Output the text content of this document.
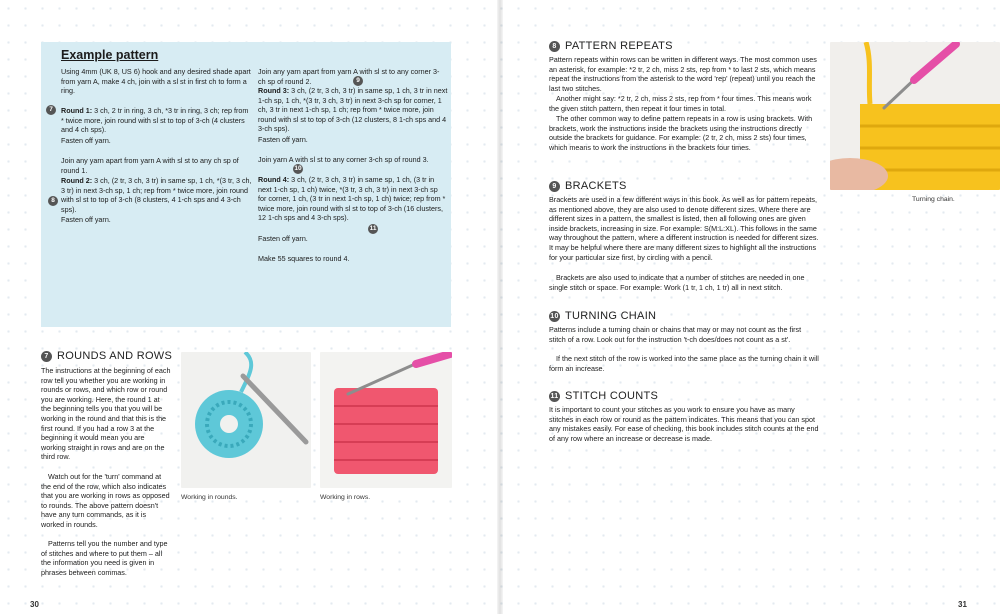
Example pattern

Using 4mm (UK 8, US 6) hook and any desired shade apart from yarn A, make 4 ch, join with a sl st in first ch to form a ring.

7	Round 1: 3 ch, 2 tr in ring, 3 ch, *3 tr in ring, 3 ch; rep from * twice more, join round with sl st to top of 3-ch (4 clusters and 4 ch sps).

Fasten off yarn.

Join any yarn apart from yarn A with sl st to any ch sp of round 1.

Round 2: 3 ch, (2 tr, 3 ch, 3 tr) in same sp, 1 ch, *(3 tr, 3 ch, 3 tr) in next 3-ch sp, 1 ch; rep from * twice more, join round with sl st to top of 3-ch (8 clusters, 4 1-ch sps and 4 3-ch sps).

8

Fasten off yarn.

Join any yarn apart from yarn A with sl st to any corner 3-ch sp of round 2.	9

Round 3: 3 ch, (2 tr, 3 ch, 3 tr) in same sp, 1 ch, 3 tr in next 1-ch sp, 1 ch, *(3 tr, 3 ch, 3 tr) in next 3-ch sp for corner, 1 ch, 3 tr in next 1-ch sp, 1 ch; rep from * twice more, join round with sl st to top of 3-ch (12 clusters, 8 1-ch sps and 4 3-ch sps).

Fasten off yarn.

Join yarn A with sl st to any corner 3-ch sp of round 3.

10

Round 4: 3 ch, (2 tr, 3 ch, 3 tr) in same sp, 1 ch, (3 tr in next 1-ch sp, 1 ch) twice, *(3 tr, 3 ch, 3 tr) in next 3-ch sp for corner, 1 ch, (3 tr in next 1-ch sp, 1 ch) twice; rep from * twice more, join round with sl st to top of 3-ch (16 clusters, 12 1-ch sps and 4 3-ch sps).

11

Fasten off yarn.

Make 55 squares to round 4.

7 ROUNDS AND ROWS

The instructions at the beginning of each row tell you whether you are working in rounds or rows, and which row or round you are working. Here, the round 1 at the beginning tells you that you will be working in the round and that this is the first round. If you had a row 3 at the beginning it would mean you are working straight in rows and are on the third row.

Watch out for the 'turn' command at the end of the row, which also indicates that you are working in rows as opposed to rounds. The above pattern doesn't have any turn commands, as it is worked in rounds.

Patterns tell you the number and type of stitches and where to put them – all the information you need is given in phrases between commas.

Working in rounds.	Working in rows.

8 PATTERN REPEATS

Pattern repeats within rows can be written in different ways. The most common uses an asterisk, for example: *2 tr, 2 ch, miss 2 sts, rep from * to last 2 sts, which means repeat the instructions from the asterisk to the word 'rep' (repeat) until you reach the last two stitches.

Another might say: *2 tr, 2 ch, miss 2 sts, rep from * four times. This means work the given stitch pattern, then repeat it four times in total.

The other common way to define pattern repeats in a row is using brackets. With brackets, work the instructions inside the brackets using the instructions directly outside the brackets for guidance. For example: (2 tr, 2 ch, miss 2 sts) four times, which means to work the instructions in the brackets four times.

9 BRACKETS

Brackets are used in a few different ways in this book. As well as for pattern repeats, as mentioned above, they are also used to denote different sizes. Where there are different sizes in a pattern, the smallest is listed, then all following ones are given inside brackets, increasing in size. For example: S(M:L:XL). This follows in the same way throughout the pattern, where a different instruction is needed for different sizes. It may be helpful where there are many different sizes to highlight all the instructions for your particular size first, by circling with a pencil.

Brackets are also used to indicate that a number of stitches are needed in one single stitch or space. For example: Work (1 tr, 1 ch, 1 tr) all in next stitch.

10 TURNING CHAIN

Patterns include a turning chain or chains that may or may not count as the first stitch of a row. Look out for the instruction 't-ch does/does not count as a st'.

If the next stitch of the row is worked into the same place as the turning chain it will form an increase.

11 STITCH COUNTS

It is important to count your stitches as you work to ensure you have as many stitches in each row or round as the pattern indicates. This means that you can spot any mistakes easily. For ease of checking, this book includes stitch counts at the end of any row where an increase or decrease is made.

Turning chain.

30	31
